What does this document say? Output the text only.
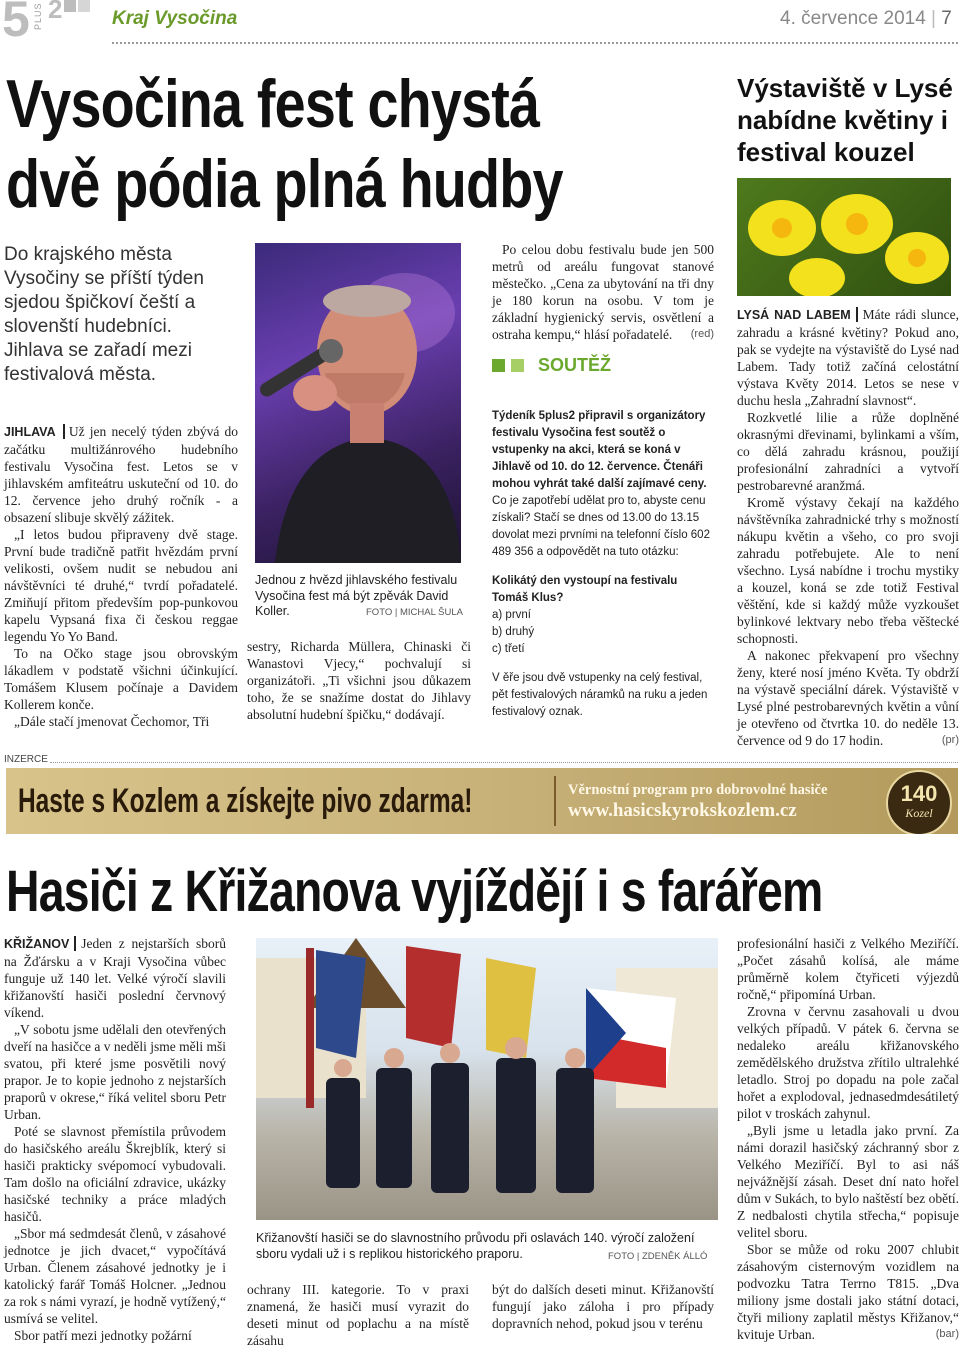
5 PLUS 2	Kraj Vysočina	4. července 2014 | 7
Vysočina fest chystá
dvě pódia plná hudby
Do krajského města Vysočiny se příští týden sjedou špičkoví čeští a slovenští hudebníci. Jihlava se zařadí mezi festivalová města.

JIHLAVA Už jen necelý týden zbývá do začátku multižánrového hudebního festivalu Vysočina fest. Letos se v jihlavském amfiteátru uskuteční od 10. do 12. července jeho druhý ročník - a obsazení slibuje skvělý zážitek.

„I letos budou připraveny dvě stage. První bude tradičně patřit hvězdám první velikosti, ovšem nudit se nebudou ani návštěvníci té druhé,“ tvrdí pořadatelé. Zmiňují přitom především pop-punkovou kapelu Vypsaná fixa či českou reggae legendu Yo Yo Band.

To na Očko stage jsou obrovským lákadlem v podstatě všichni účinkující. Tomášem Klusem počínaje a Davidem Kollerem konče.

„Dále stačí jmenovat Čechomor, Tři

Jednou z hvězd jihlavského festivalu Vysočina fest má být zpěvák David Koller.	FOTO | MICHAL ŠULA

sestry, Richarda Müllera, Chinaski či Wanastovi Vjecy,“ pochvalují si organizátoři. „Ti všichni jsou důkazem toho, že se snažíme dostat do Jihlavy absolutní hudební špičku,“ dodávají.

Po celou dobu festivalu bude jen 500 metrů od areálu fungovat stanové městečko. „Cena za ubytování na tři dny je 180 korun na osobu. V tom je základní hygienický servis, osvětlení a ostraha kempu,“ hlásí pořadatelé.	(red)

SOUTĚŽ
Týdeník 5plus2 připravil s organizátory festivalu Vysočina fest soutěž o vstupenky na akci, která se koná v Jihlavě od 10. do 12. července. Čtenáři mohou vyhrát také další zajímavé ceny.
Co je zapotřebí udělat pro to, abyste cenu získali? Stačí se dnes od 13.00 do 13.15 dovolat mezi prvními na telefonní číslo 602 489 356 a odpovědět na tuto otázku:
Kolikátý den vystoupí na festivalu Tomáš Klus?
a) první
b) druhý
c) třetí
V ěře jsou dvě vstupenky na celý festival, pět festivalových náramků na ruku a jeden festivalový oznak.
Výstaviště v Lysé nabídne květiny i festival kouzel

LYSÁ NAD LABEM Máte rádi slunce, zahradu a krásné květiny? Pokud ano, pak se vydejte na výstaviště do Lysé nad Labem. Tady totiž začíná celostátní výstava Květy 2014. Letos se nese v duchu hesla „Zahradní slavnost“.

Rozkvetlé lilie a růže doplněné okrasnými dřevinami, bylinkami a vším, co dělá zahradu krásnou, použijí profesionální zahradníci a vytvoří pestrobarevné aranžmá.

Kromě výstavy čekají na každého návštěvníka zahradnické trhy s možností nákupu květin a všeho, co pro svoji zahradu potřebujete. Ale to není všechno. Lysá nabídne i trochu mystiky a kouzel, koná se zde totiž Festival věštění, kde si každý může vyzkoušet bylinkové lektvary nebo třeba věštecké schopnosti.

A nakonec překvapení pro všechny ženy, které nosí jméno Květa. Ty obdrží na výstavě speciální dárek. Výstaviště v Lysé plné pestrobarevných květin a vůní je otevřeno od čtvrtka 10. do neděle 13. července od 9 do 17 hodin.	(pr)

INZERCE
Haste s Kozlem a získejte pivo zdarma!	Věrnostní program pro dobrovolné hasiče
www.hasicskyrokskozlem.cz
140
Kozel
Hasiči z Křižanova vyjíždějí i s farářem

KŘIŽANOV Jeden z nejstarších sborů na Žďársku a v Kraji Vysočina vůbec funguje už 140 let. Velké výročí slavili křižanovští hasiči poslední červnový víkend.

„V sobotu jsme udělali den otevřených dveří na hasičce a v neděli jsme měli mši svatou, při které jsme posvětili nový prapor. Je to kopie jednoho z nejstarších praporů v okrese,“ říká velitel sboru Petr Urban.

Poté se slavnost přemístila průvodem do hasičského areálu Škrejblík, který si hasiči prakticky svépomocí vybudovali. Tam došlo na oficiální zdravice, ukázky hasičské techniky a práce mladých hasičů.

„Sbor má sedmdesát členů, v zásahové jednotce je jich dvacet,“ vypočítává Urban. Členem zásahové jednotky je i katolický farář Tomáš Holcner. „Jednou za rok s námi vyrazí, je hodně vytížený,“ usmívá se velitel.

Sbor patří mezi jednotky požární

Křižanovští hasiči se do slavnostního průvodu při oslavách 140. výročí založení sboru vydali už i s replikou historického praporu.	FOTO | ZDENĚK ÁLLÓ

ochrany III. kategorie. To v praxi znamená, že hasiči musí vyrazit do deseti minut od poplachu a na místě zásahu

být do dalších deseti minut. Křižanovští fungují jako záloha i pro případy dopravních nehod, pokud jsou v terénu

profesionální hasiči z Velkého Meziříčí. „Počet zásahů kolísá, ale máme průměrně kolem čtyřiceti výjezdů ročně,“ připomíná Urban.

Zrovna v červnu zasahovali u dvou velkých případů. V pátek 6. června se nedaleko areálu křižanovského zemědělského družstva zřítilo ultralehké letadlo. Stroj po dopadu na pole začal hořet a explodoval, jednasedmdesátiletý pilot v troskách zahynul.

„Byli jsme u letadla jako první. Za námi dorazil hasičský záchranný sbor z Velkého Meziříčí. Byl to asi náš nejvážnější zásah. Deset dní nato hořel dům v Sukách, to bylo naštěstí bez obětí. Z nedbalosti chytila střecha,“ popisuje velitel sboru.

Sbor se může od roku 2007 chlubit zásahovým cisternovým vozidlem na podvozku Tatra Terrno T815. „Dva miliony jsme dostali jako státní dotaci, čtyři miliony zaplatil městys Křižanov,“ kvituje Urban.	(bar)
